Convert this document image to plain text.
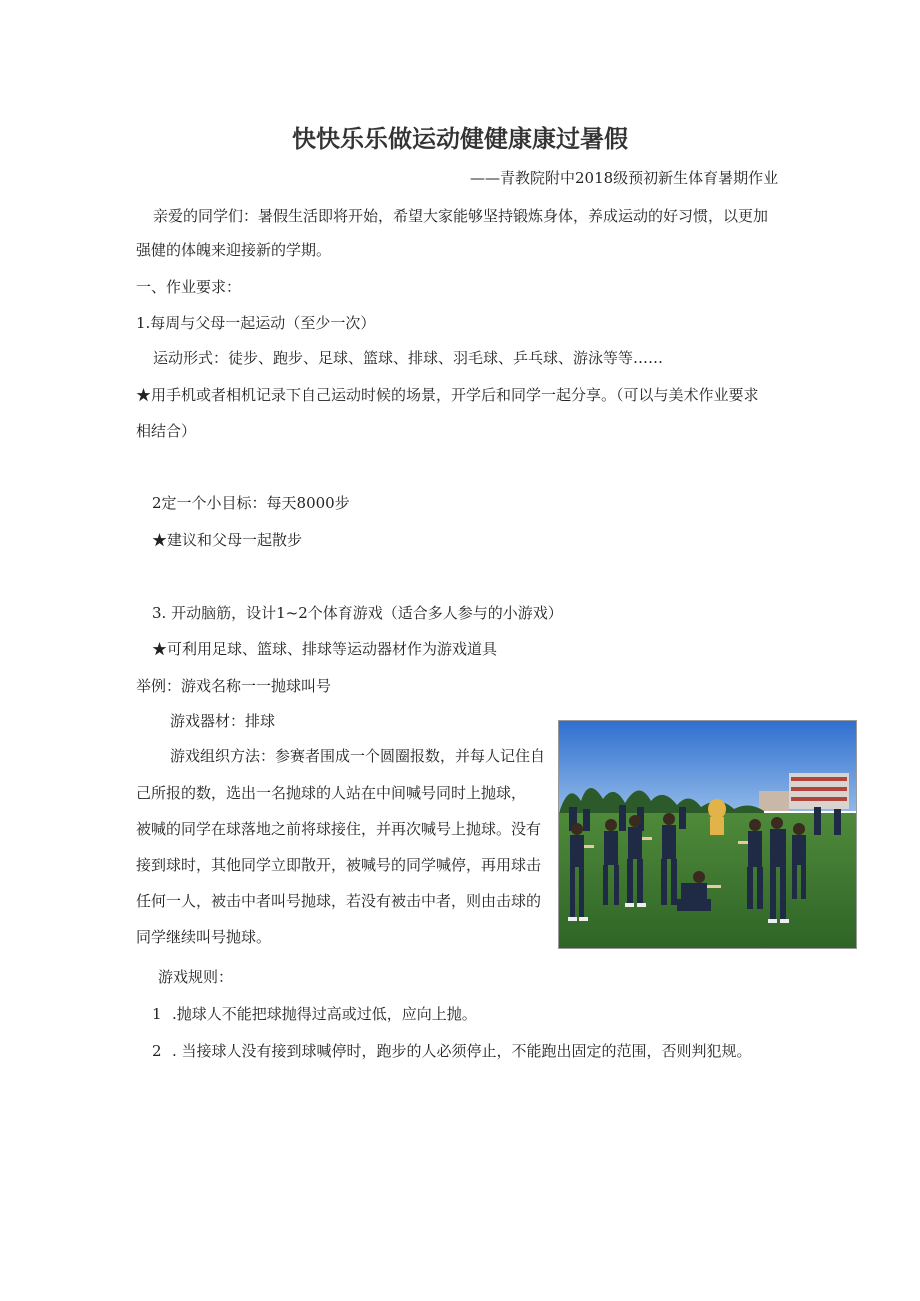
快快乐乐做运动健健康康过暑假

——青教院附中2018级预初新生体育暑期作业

亲爱的同学们：暑假生活即将开始，希望大家能够坚持锻炼身体，养成运动的好习惯，以更加

强健的体魄来迎接新的学期。

一、作业要求：

1.每周与父母一起运动（至少一次）

运动形式：徒步、跑步、足球、篮球、排球、羽毛球、乒乓球、游泳等等……

★用手机或者相机记录下自己运动时候的场景，开学后和同学一起分享。（可以与美术作业要求

相结合）

2定一个小目标：每天8000步

★建议和父母一起散步

3. 开动脑筋，设计1~2个体育游戏（适合多人参与的小游戏）

★可利用足球、篮球、排球等运动器材作为游戏道具

举例：游戏名称一一抛球叫号

游戏器材：排球

游戏组织方法：参赛者围成一个圆圈报数，并每人记住自

己所报的数，选出一名抛球的人站在中间喊号同时上抛球，

被喊的同学在球落地之前将球接住，并再次喊号上抛球。没有

接到球时，其他同学立即散开，被喊号的同学喊停，再用球击

任何一人，被击中者叫号抛球，若没有被击中者，则由击球的

同学继续叫号抛球。

游戏规则：

1 .抛球人不能把球抛得过高或过低，应向上抛。

2 . 当接球人没有接到球喊停时，跑步的人必须停止，不能跑出固定的范围，否则判犯规。
